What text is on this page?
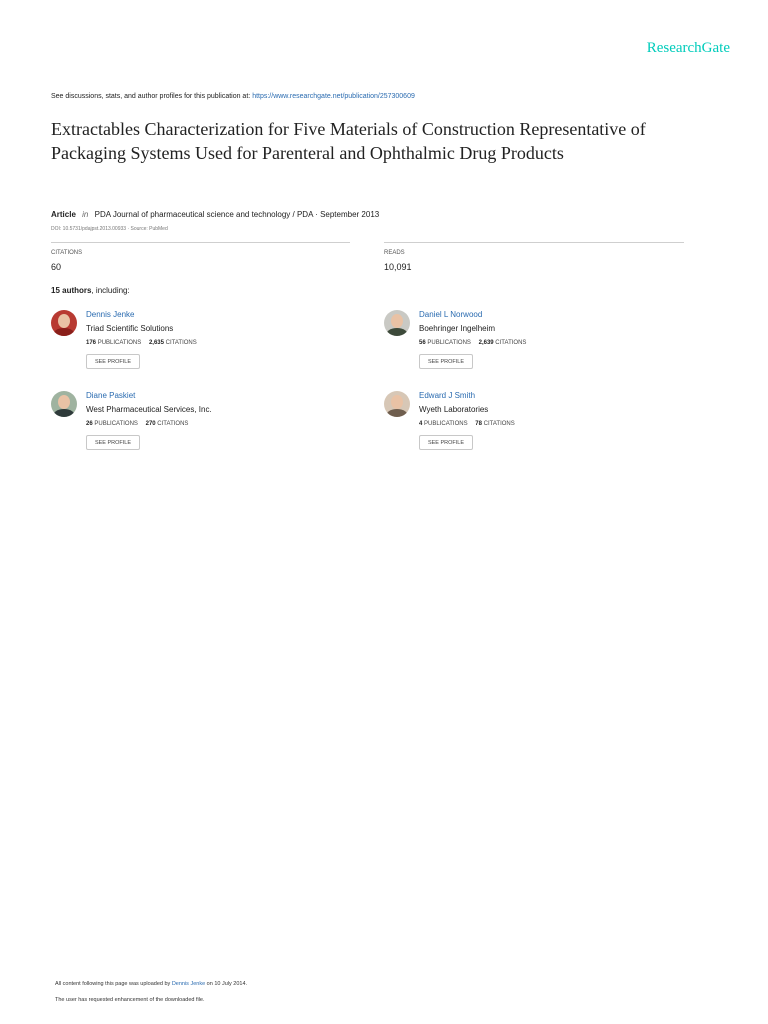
ResearchGate
See discussions, stats, and author profiles for this publication at: https://www.researchgate.net/publication/257300609
Extractables Characterization for Five Materials of Construction Representative of Packaging Systems Used for Parenteral and Ophthalmic Drug Products
Article in PDA Journal of pharmaceutical science and technology / PDA · September 2013
DOI: 10.5731/pdajpst.2013.00933 · Source: PubMed
CITATIONS
60
READS
10,091
15 authors, including:
Dennis Jenke
Triad Scientific Solutions
176 PUBLICATIONS 2,635 CITATIONS
SEE PROFILE
Daniel L Norwood
Boehringer Ingelheim
56 PUBLICATIONS 2,639 CITATIONS
SEE PROFILE
Diane Paskiet
West Pharmaceutical Services, Inc.
26 PUBLICATIONS 270 CITATIONS
SEE PROFILE
Edward J Smith
Wyeth Laboratories
4 PUBLICATIONS 78 CITATIONS
SEE PROFILE
All content following this page was uploaded by Dennis Jenke on 10 July 2014.
The user has requested enhancement of the downloaded file.
